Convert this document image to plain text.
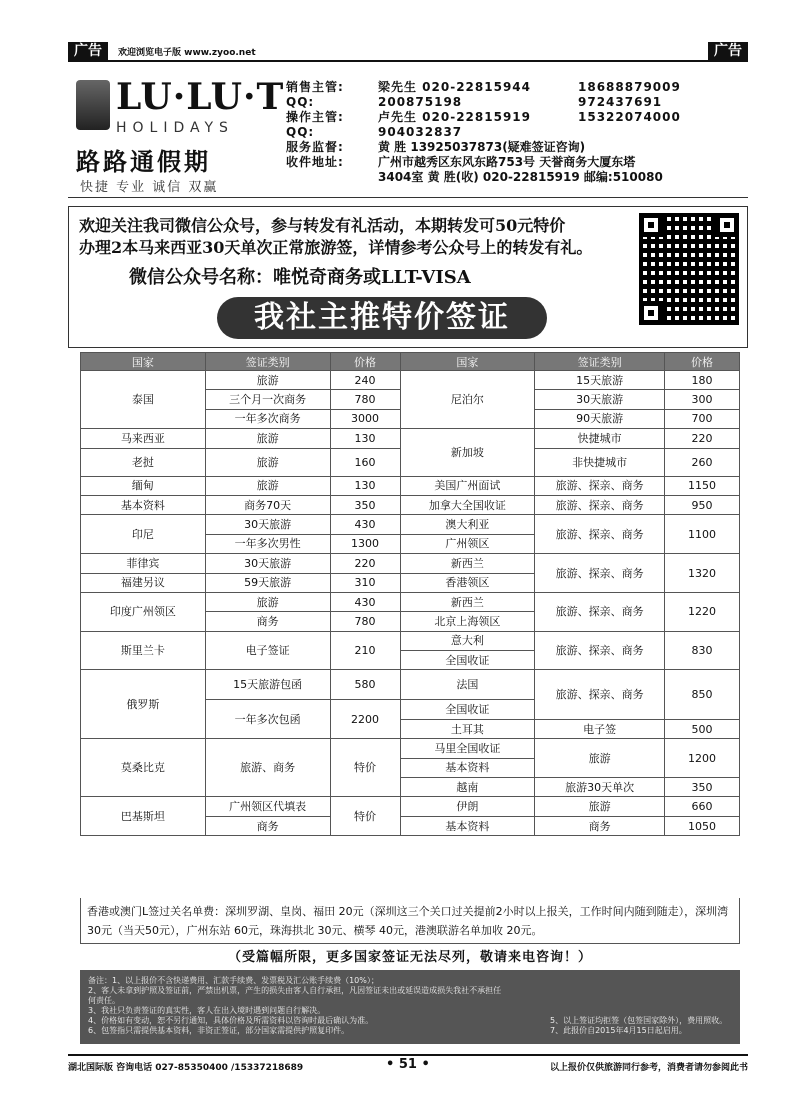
广告	欢迎浏览电子版 www.zyoo.net	广告
LU·LU·T
HOLIDAYS
路路通假期
快捷 专业 诚信 双赢
销售主管:	梁先生 020-22815944	18688879009
QQ:	200875198	972437691
操作主管:	卢先生 020-22815919	15322074000
QQ:	904032837
服务监督:	黄 胜 13925037873(疑难签证咨询)
收件地址:	广州市越秀区东风东路753号 天誉商务大厦东塔
3404室 黄 胜(收) 020-22815919 邮编:510080
欢迎关注我司微信公众号，参与转发有礼活动，本期转发可50元特价
办理2本马来西亚30天单次正常旅游签，详情参考公众号上的转发有礼。
微信公众号名称：唯悦奇商务或LLT-VISA
我社主推特价签证
国家	签证类别	价格	国家	签证类别	价格
泰国	旅游	240	尼泊尔	15天旅游	180
	三个月一次商务	780		30天旅游	300
	一年多次商务	3000		90天旅游	700
马来西亚	旅游	130	新加坡	快捷城市	220
老挝	旅游	160		非快捷城市	260
缅甸	旅游	130	美国广州面试	旅游、探亲、商务	1150
基本资料	商务70天	350	加拿大全国收证	旅游、探亲、商务	950
印尼	30天旅游	430	澳大利亚	旅游、探亲、商务	1100
	一年多次男性	1300	广州领区		
菲律宾	30天旅游	220	新西兰	旅游、探亲、商务	1320
福建另议	59天旅游	310	香港领区		
印度广州领区	旅游	430	新西兰	旅游、探亲、商务	1220
	商务	780	北京上海领区		
斯里兰卡	电子签证	210	意大利	旅游、探亲、商务	830
			全国收证		
俄罗斯	15天旅游包函	580	法国	旅游、探亲、商务	850
	一年多次包函	2200	全国收证		
			土耳其	电子签	500
莫桑比克	旅游、商务	特价	马里全国收证	旅游	1200
			基本资料		
			越南	旅游30天单次	350
巴基斯坦	广州领区代填表	特价	伊朗	旅游	660
	商务		基本资料	商务	1050
香港或澳门L签过关名单费：深圳罗湖、皇岗、福田 20元（深圳这三个关口过关提前2小时以上报关，工作时间内随到随走），深圳湾 30元（当天50元），广州东站 60元，珠海拱北 30元、横琴 40元，港澳联游名单加收 20元。
（受篇幅所限，更多国家签证无法尽列，敬请来电咨询！）
备注：1、以上报价不含快递费用、汇款手续费、发票税及汇公账手续费（10%）；
2、客人未拿到护照及签证前，严禁出机票，产生的损失由客人自行承担，凡因签证未出或延误造成损失我社不承担任何责任。
3、我社只负责签证的真实性，客人在出入境时遇到问题自行解决。
4、价格如有变动，恕不另行通知，具体价格及所需资料以咨询时最后确认为准。
6、包签指只需提供基本资料，非资正签证，部分国家需提供护照复印件。
5、以上签证均拒签（包签国家除外），费用照收。
7、此报价自2015年4月15日起启用。
湖北国际版 咨询电话 027-85350400 /15337218689	• 51 •	以上报价仅供旅游同行参考，消费者请勿参阅此书
